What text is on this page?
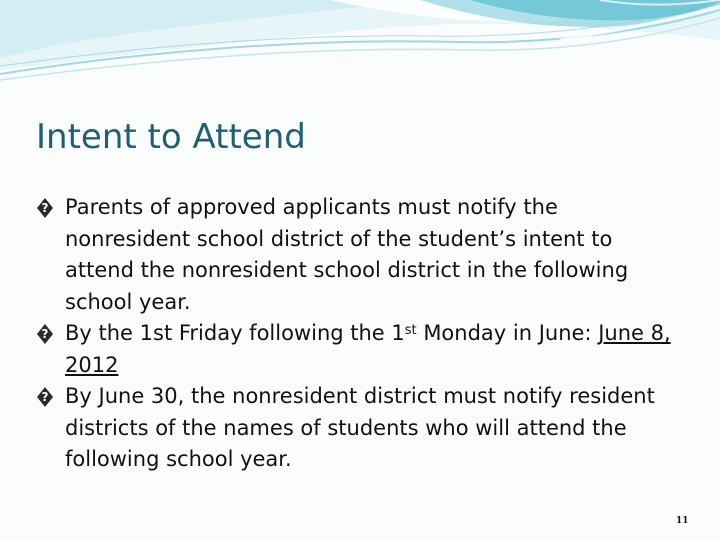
Intent to Attend
? Parents of approved applicants must notify the nonresident school district of the student’s intent to attend the nonresident school district in the following school year.
? By the 1st Friday following the 1st Monday in June: June 8, 2012
? By June 30, the nonresident district must notify resident districts of the names of students who will attend the following school year.
11
